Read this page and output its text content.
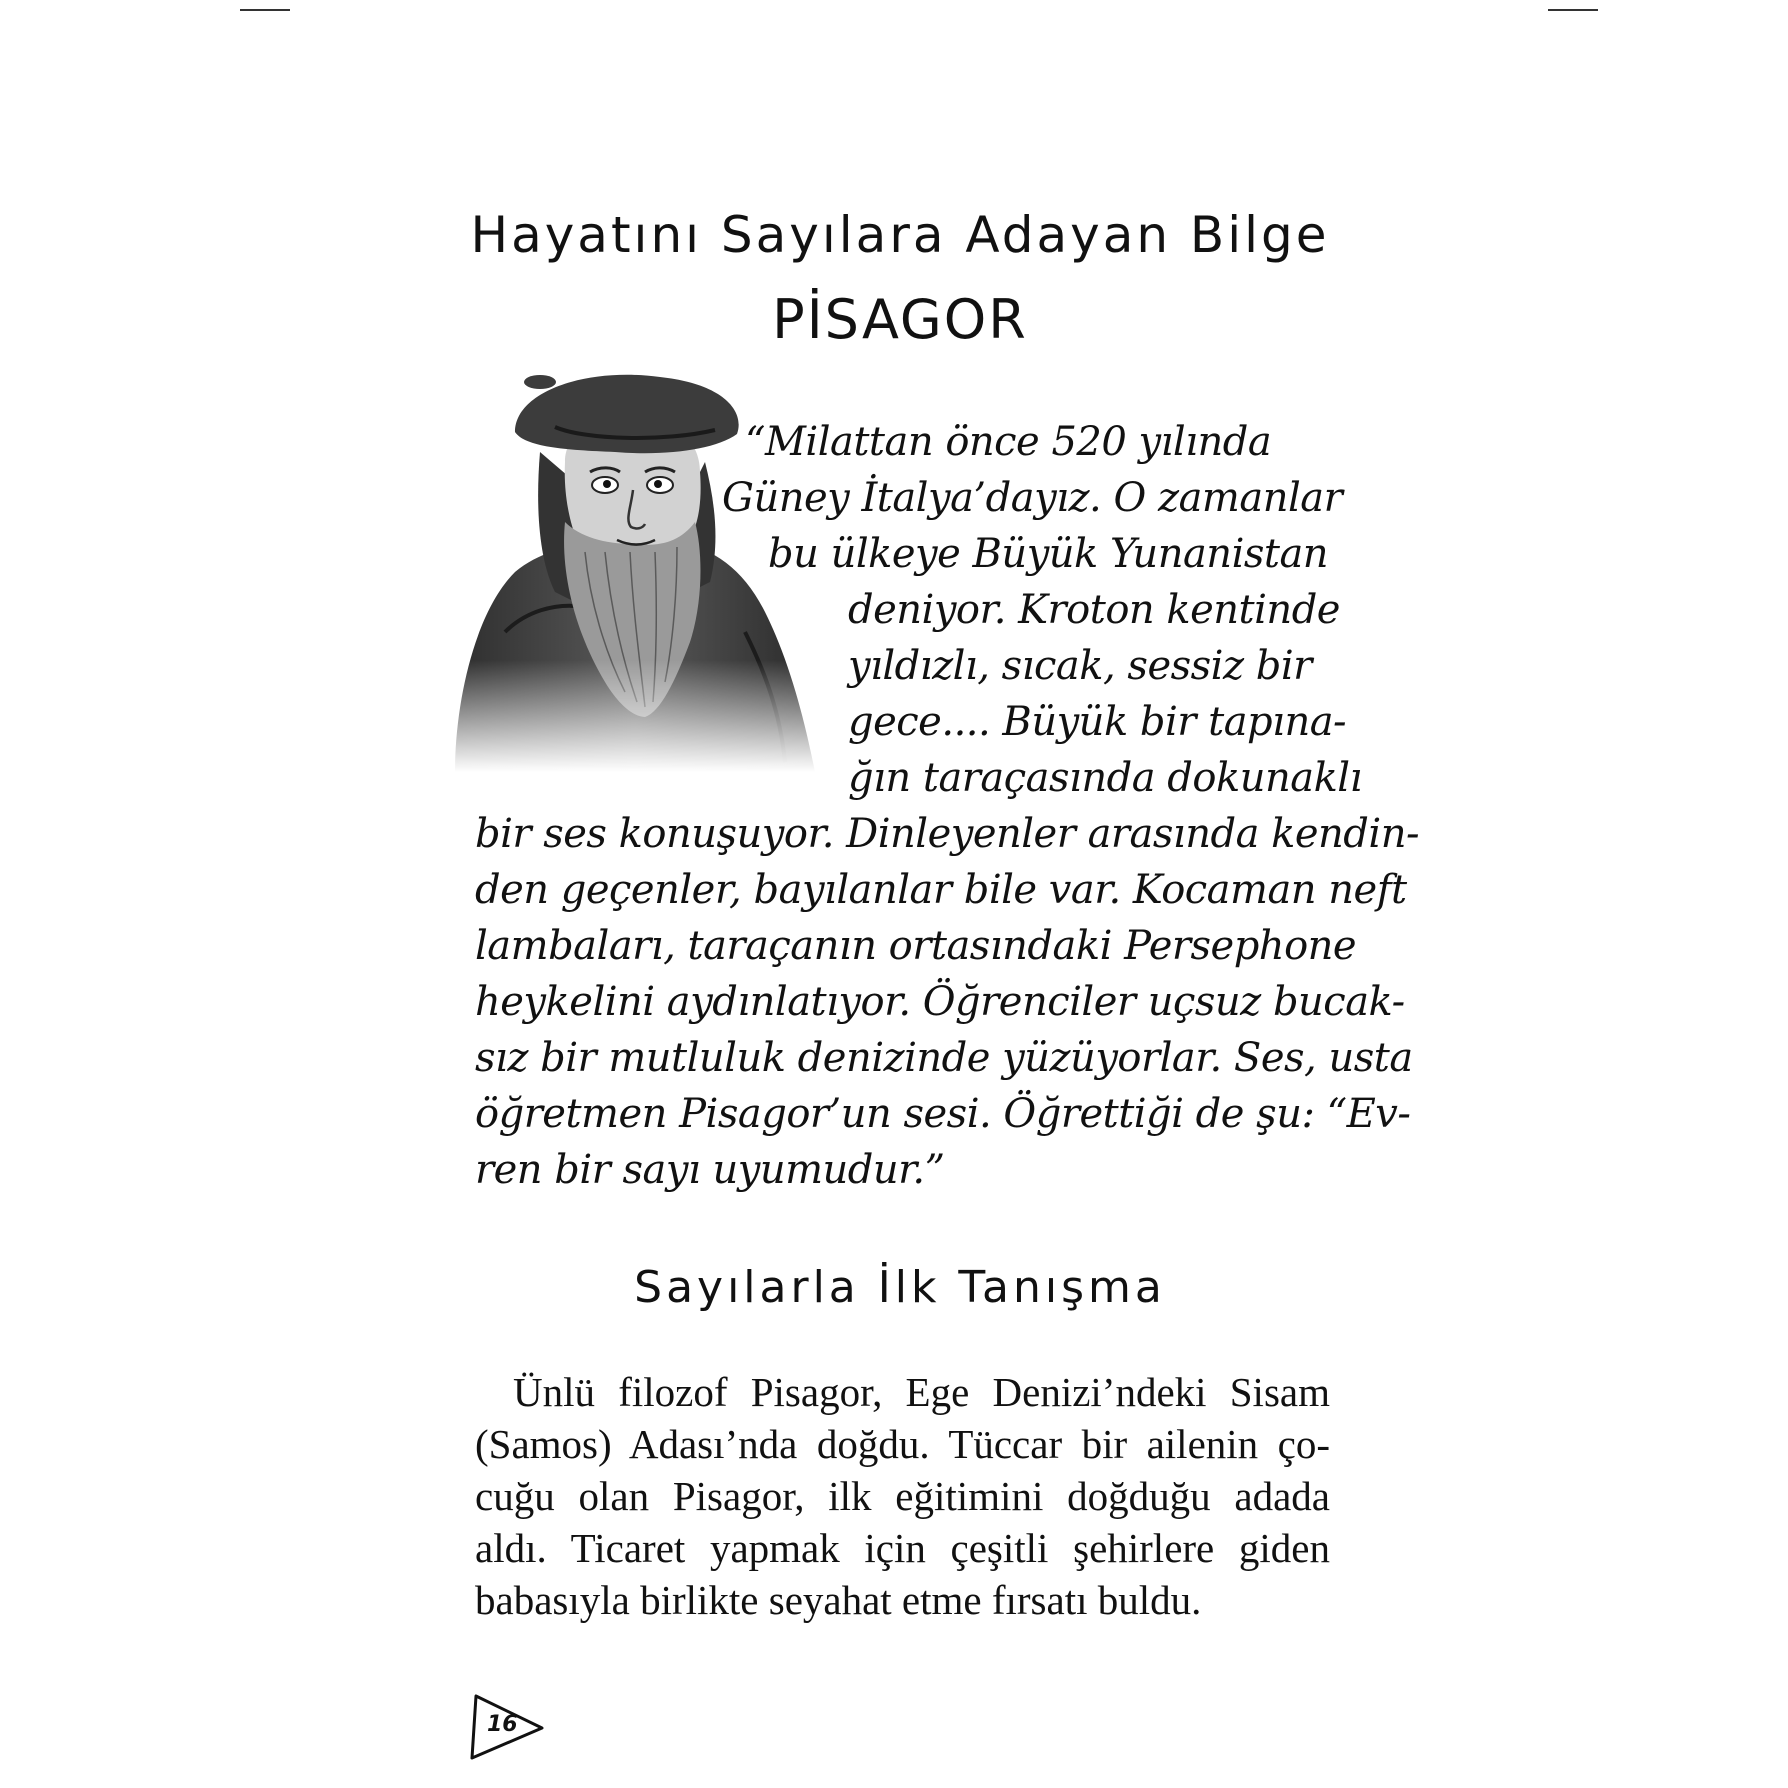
Hayatını Sayılara Adayan Bilge
PİSAGOR
“Milattan önce 520 yılında
Güney İtalya’dayız. O zamanlar
bu ülkeye Büyük Yunanistan
deniyor. Kroton kentinde
yıldızlı, sıcak, sessiz bir
gece.... Büyük bir tapına-
ğın taraçasında dokunaklı
bir ses konuşuyor. Dinleyenler arasında kendin-
den geçenler, bayılanlar bile var. Kocaman neft
lambaları, taraçanın ortasındaki Persephone
heykelini aydınlatıyor. Öğrenciler uçsuz bucak-
sız bir mutluluk denizinde yüzüyorlar. Ses, usta
öğretmen Pisagor’un sesi. Öğrettiği de şu: “Ev-
ren bir sayı uyumudur.”
Sayılarla İlk Tanışma
Ünlü filozof Pisagor, Ege Denizi’ndeki Sisam
(Samos) Adası’nda doğdu. Tüccar bir ailenin ço-
cuğu olan Pisagor, ilk eğitimini doğduğu adada
aldı. Ticaret yapmak için çeşitli şehirlere giden
babasıyla birlikte seyahat etme fırsatı buldu.
16
